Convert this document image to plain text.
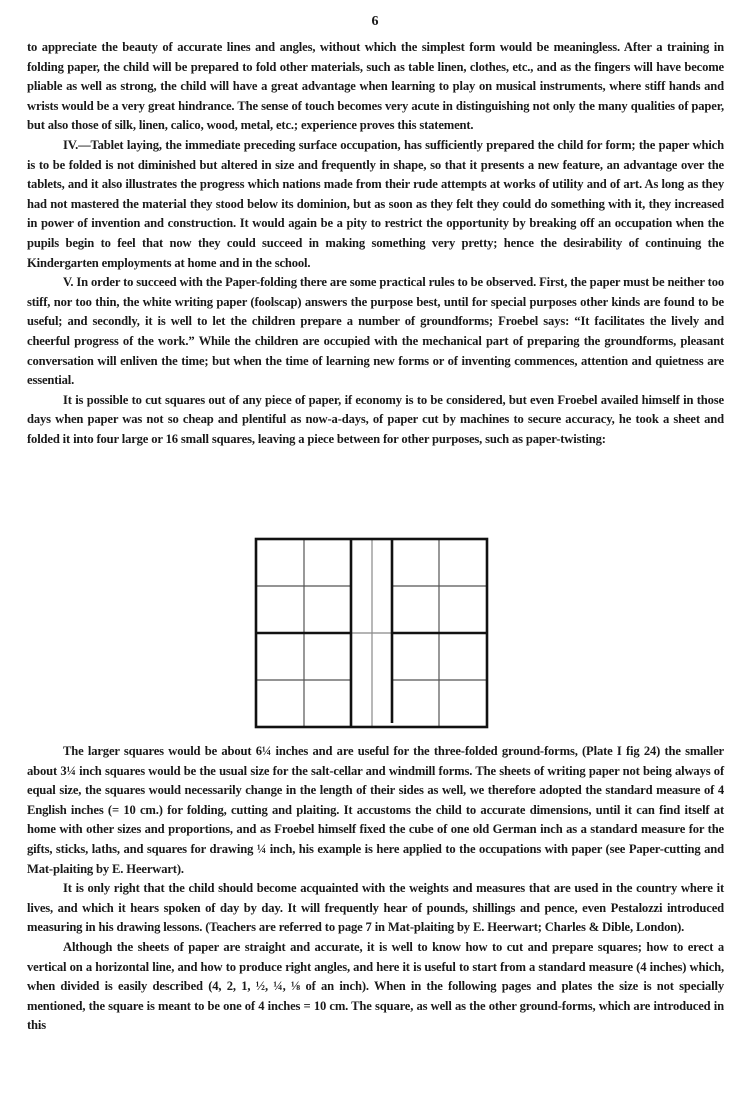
6

to appreciate the beauty of accurate lines and angles, without which the simplest form would be meaningless. After a training in folding paper, the child will be prepared to fold other materials, such as table linen, clothes, etc., and as the fingers will have become pliable as well as strong, the child will have a great advantage when learning to play on musical instruments, where stiff hands and wrists would be a very great hindrance. The sense of touch becomes very acute in distinguishing not only the many qualities of paper, but also those of silk, linen, calico, wood, metal, etc.; experience proves this statement.

IV.—Tablet laying, the immediate preceding surface occupation, has sufficiently prepared the child for form; the paper which is to be folded is not diminished but altered in size and frequently in shape, so that it presents a new feature, an advantage over the tablets, and it also illustrates the progress which nations made from their rude attempts at works of utility and of art. As long as they had not mastered the material they stood below its dominion, but as soon as they felt they could do something with it, they increased in power of invention and construction. It would again be a pity to restrict the opportunity by breaking off an occupation when the pupils begin to feel that now they could succeed in making something very pretty; hence the desirability of continuing the Kindergarten employments at home and in the school.

V. In order to succeed with the Paper-folding there are some practical rules to be observed. First, the paper must be neither too stiff, nor too thin, the white writing paper (foolscap) answers the purpose best, until for special purposes other kinds are found to be useful; and secondly, it is well to let the children prepare a number of groundforms; Froebel says: “It facilitates the lively and cheerful progress of the work.” While the children are occupied with the mechanical part of preparing the groundforms, pleasant conversation will enliven the time; but when the time of learning new forms or of inventing commences, attention and quietness are essential.

It is possible to cut squares out of any piece of paper, if economy is to be considered, but even Froebel availed himself in those days when paper was not so cheap and plentiful as now-a-days, of paper cut by machines to secure accuracy, he took a sheet and folded it into four large or 16 small squares, leaving a piece between for other purposes, such as paper-twisting:

The larger squares would be about 6¼ inches and are useful for the three-folded ground-forms, (Plate I fig 24) the smaller about 3¼ inch squares would be the usual size for the salt-cellar and windmill forms. The sheets of writing paper not being always of equal size, the squares would necessarily change in the length of their sides as well, we therefore adopted the standard measure of 4 English inches (= 10 cm.) for folding, cutting and plaiting. It accustoms the child to accurate dimensions, until it can find itself at home with other sizes and proportions, and as Froebel himself fixed the cube of one old German inch as a standard measure for the gifts, sticks, laths, and squares for drawing ¼ inch, his example is here applied to the occupations with paper (see Paper-cutting and Mat-plaiting by E. Heerwart).

It is only right that the child should become acquainted with the weights and measures that are used in the country where it lives, and which it hears spoken of day by day. It will frequently hear of pounds, shillings and pence, even Pestalozzi introduced measuring in his drawing lessons. (Teachers are referred to page 7 in Mat-plaiting by E. Heerwart; Charles & Dible, London).

Although the sheets of paper are straight and accurate, it is well to know how to cut and prepare squares; how to erect a vertical on a horizontal line, and how to produce right angles, and here it is useful to start from a standard measure (4 inches) which, when divided is easily described (4, 2, 1, ½, ¼, ⅛ of an inch). When in the following pages and plates the size is not specially mentioned, the square is meant to be one of 4 inches = 10 cm. The square, as well as the other ground-forms, which are introduced in this
